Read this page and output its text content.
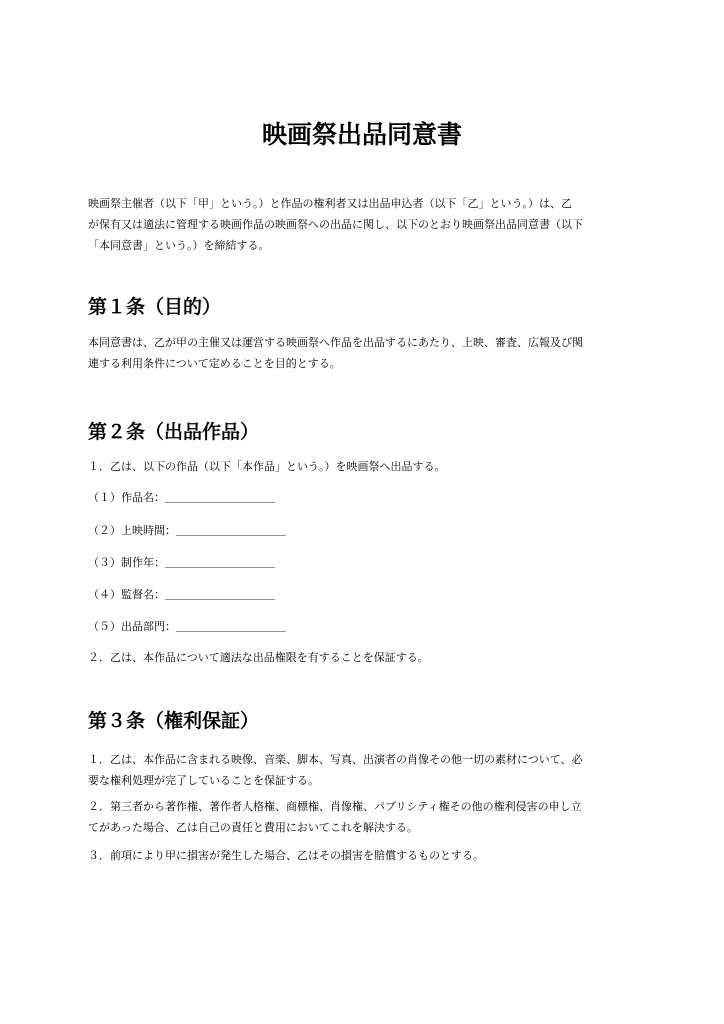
映画祭出品同意書
映画祭主催者（以下「甲」という。）と作品の権利者又は出品申込者（以下「乙」という。）は、乙
が保有又は適法に管理する映画作品の映画祭への出品に関し、以下のとおり映画祭出品同意書（以下
「本同意書」という。）を締結する。
第１条（目的）
本同意書は、乙が甲の主催又は運営する映画祭へ作品を出品するにあたり、上映、審査、広報及び関
連する利用条件について定めることを目的とする。
第２条（出品作品）
１．乙は、以下の作品（以下「本作品」という。）を映画祭へ出品する。
（１）作品名：＿＿＿＿＿＿＿＿＿＿
（２）上映時間：＿＿＿＿＿＿＿＿＿＿
（３）制作年：＿＿＿＿＿＿＿＿＿＿
（４）監督名：＿＿＿＿＿＿＿＿＿＿
（５）出品部門：＿＿＿＿＿＿＿＿＿＿
２．乙は、本作品について適法な出品権限を有することを保証する。
第３条（権利保証）
１．乙は、本作品に含まれる映像、音楽、脚本、写真、出演者の肖像その他一切の素材について、必
要な権利処理が完了していることを保証する。
２．第三者から著作権、著作者人格権、商標権、肖像権、パブリシティ権その他の権利侵害の申し立
てがあった場合、乙は自己の責任と費用においてこれを解決する。
３．前項により甲に損害が発生した場合、乙はその損害を賠償するものとする。
